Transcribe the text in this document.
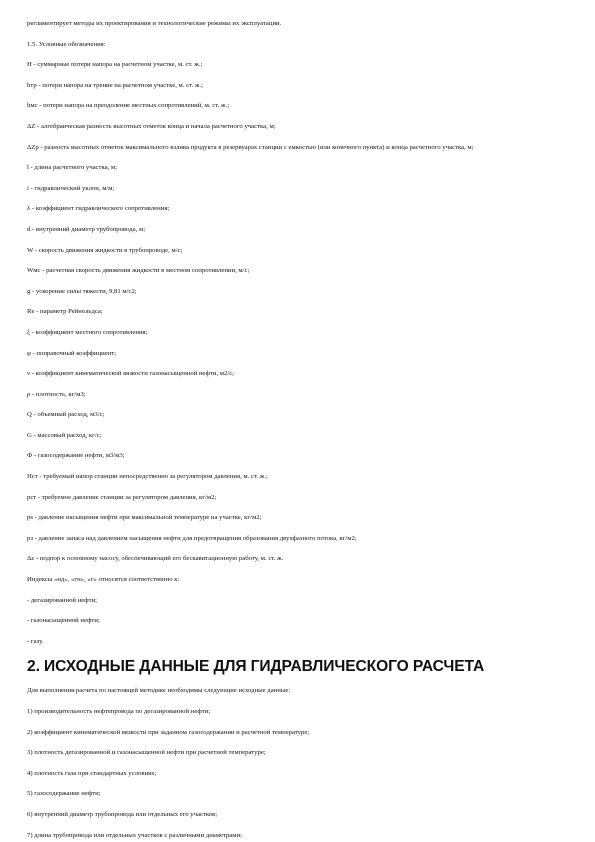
регламентирует методы их проектирования и технологические режимы их эксплуатации.

1.5. Условные обозначения:

H - суммарные потери напора на расчетном участке, м. ст. ж.;

hтр - потери напора на трение на расчетном участке, м. ст. ж.;

hмс - потери напора на преодоление местных сопротивлений, м. ст. ж.;

ΔZ - алгебраическая разность высотных отметок конца и начала расчетного участка, м;

ΔZр - разность высотных отметок максимального взлива продукта в резервуарах станции с емкостью (или конечного пункта) и конца расчетного участка, м;

l - длина расчетного участка, м;

i - гидравлический уклон, м/м;

λ - коэффициент гидравлического сопротивления;

d - внутренний диаметр трубопровода, м;

W - скорость движения жидкости в трубопроводе, м/с;

Wмс - расчетная скорость движения жидкости в местном сопротивлении, м/с;

g - ускорение силы тяжести, 9,81 м/с2;

Re - параметр Рейнольдса;

ξ - коэффициент местного сопротивления;

φ - поправочный коэффициент;

ν - коэффициент кинематической вязкости газонасыщенной нефти, м2/с;

ρ - плотность, кг/м3;

Q - объемный расход, м3/с;

G - массовый расход, кг/с;

Ф - газосодержание нефти, м3/м3;

Hст - требуемый напор станции непосредственно за регулятором давления, м. ст. ж.;

pст - требуемое давление станции за регулятором давления, кг/м2;

ps - давление насыщения нефти при максимальной температуре на участке, кг/м2;

pз - давление запаса над давлением насыщения нефти для предотвращения образования двухфазного потока, кг/м2;

Δz - подпор к основному насосу, обеспечивающий его бескавитационную работу, м. ст. ж.

Индексы «нд», «гн», «г» относятся соответственно к:

- дегазированной нефти;

- газонасыщенной нефти;

- газу.

2. ИСХОДНЫЕ ДАННЫЕ ДЛЯ ГИДРАВЛИЧЕСКОГО РАСЧЕТА

Для выполнения расчета по настоящей методике необходимы следующие исходные данные:

1) производительность нефтепровода по дегазированной нефти;

2) коэффициент кинематической вязкости при заданном газосодержании и расчетной температуре;

3) плотность дегазированной и газонасыщенной нефти при расчетной температуре;

4) плотность газа при стандартных условиях;

5) газосодержание нефти;

6) внутренний диаметр трубопровода или отдельных его участков;

7) длина трубопровода или отдельных участков с различными диаметрами;
